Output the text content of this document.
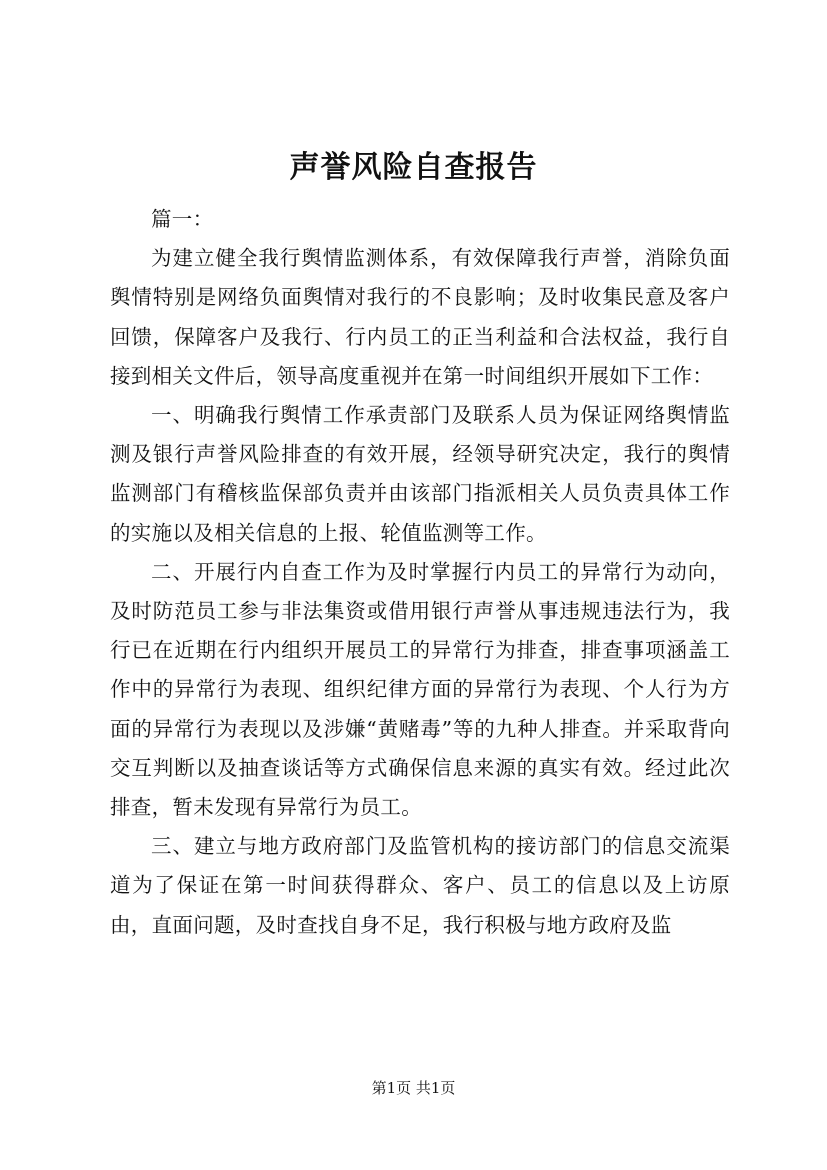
声誉风险自查报告

篇一：

为建立健全我行舆情监测体系，有效保障我行声誉，消除负面舆情特别是网络负面舆情对我行的不良影响；及时收集民意及客户回馈，保障客户及我行、行内员工的正当利益和合法权益，我行自接到相关文件后，领导高度重视并在第一时间组织开展如下工作：

一、明确我行舆情工作承责部门及联系人员为保证网络舆情监测及银行声誉风险排查的有效开展，经领导研究决定，我行的舆情监测部门有稽核监保部负责并由该部门指派相关人员负责具体工作的实施以及相关信息的上报、轮值监测等工作。

二、开展行内自查工作为及时掌握行内员工的异常行为动向，及时防范员工参与非法集资或借用银行声誉从事违规违法行为，我行已在近期在行内组织开展员工的异常行为排查，排查事项涵盖工作中的异常行为表现、组织纪律方面的异常行为表现、个人行为方面的异常行为表现以及涉嫌“黄赌毒”等的九种人排查。并采取背向交互判断以及抽查谈话等方式确保信息来源的真实有效。经过此次排查，暂未发现有异常行为员工。

三、建立与地方政府部门及监管机构的接访部门的信息交流渠道为了保证在第一时间获得群众、客户、员工的信息以及上访原由，直面问题，及时查找自身不足，我行积极与地方政府及监

第1页 共1页
